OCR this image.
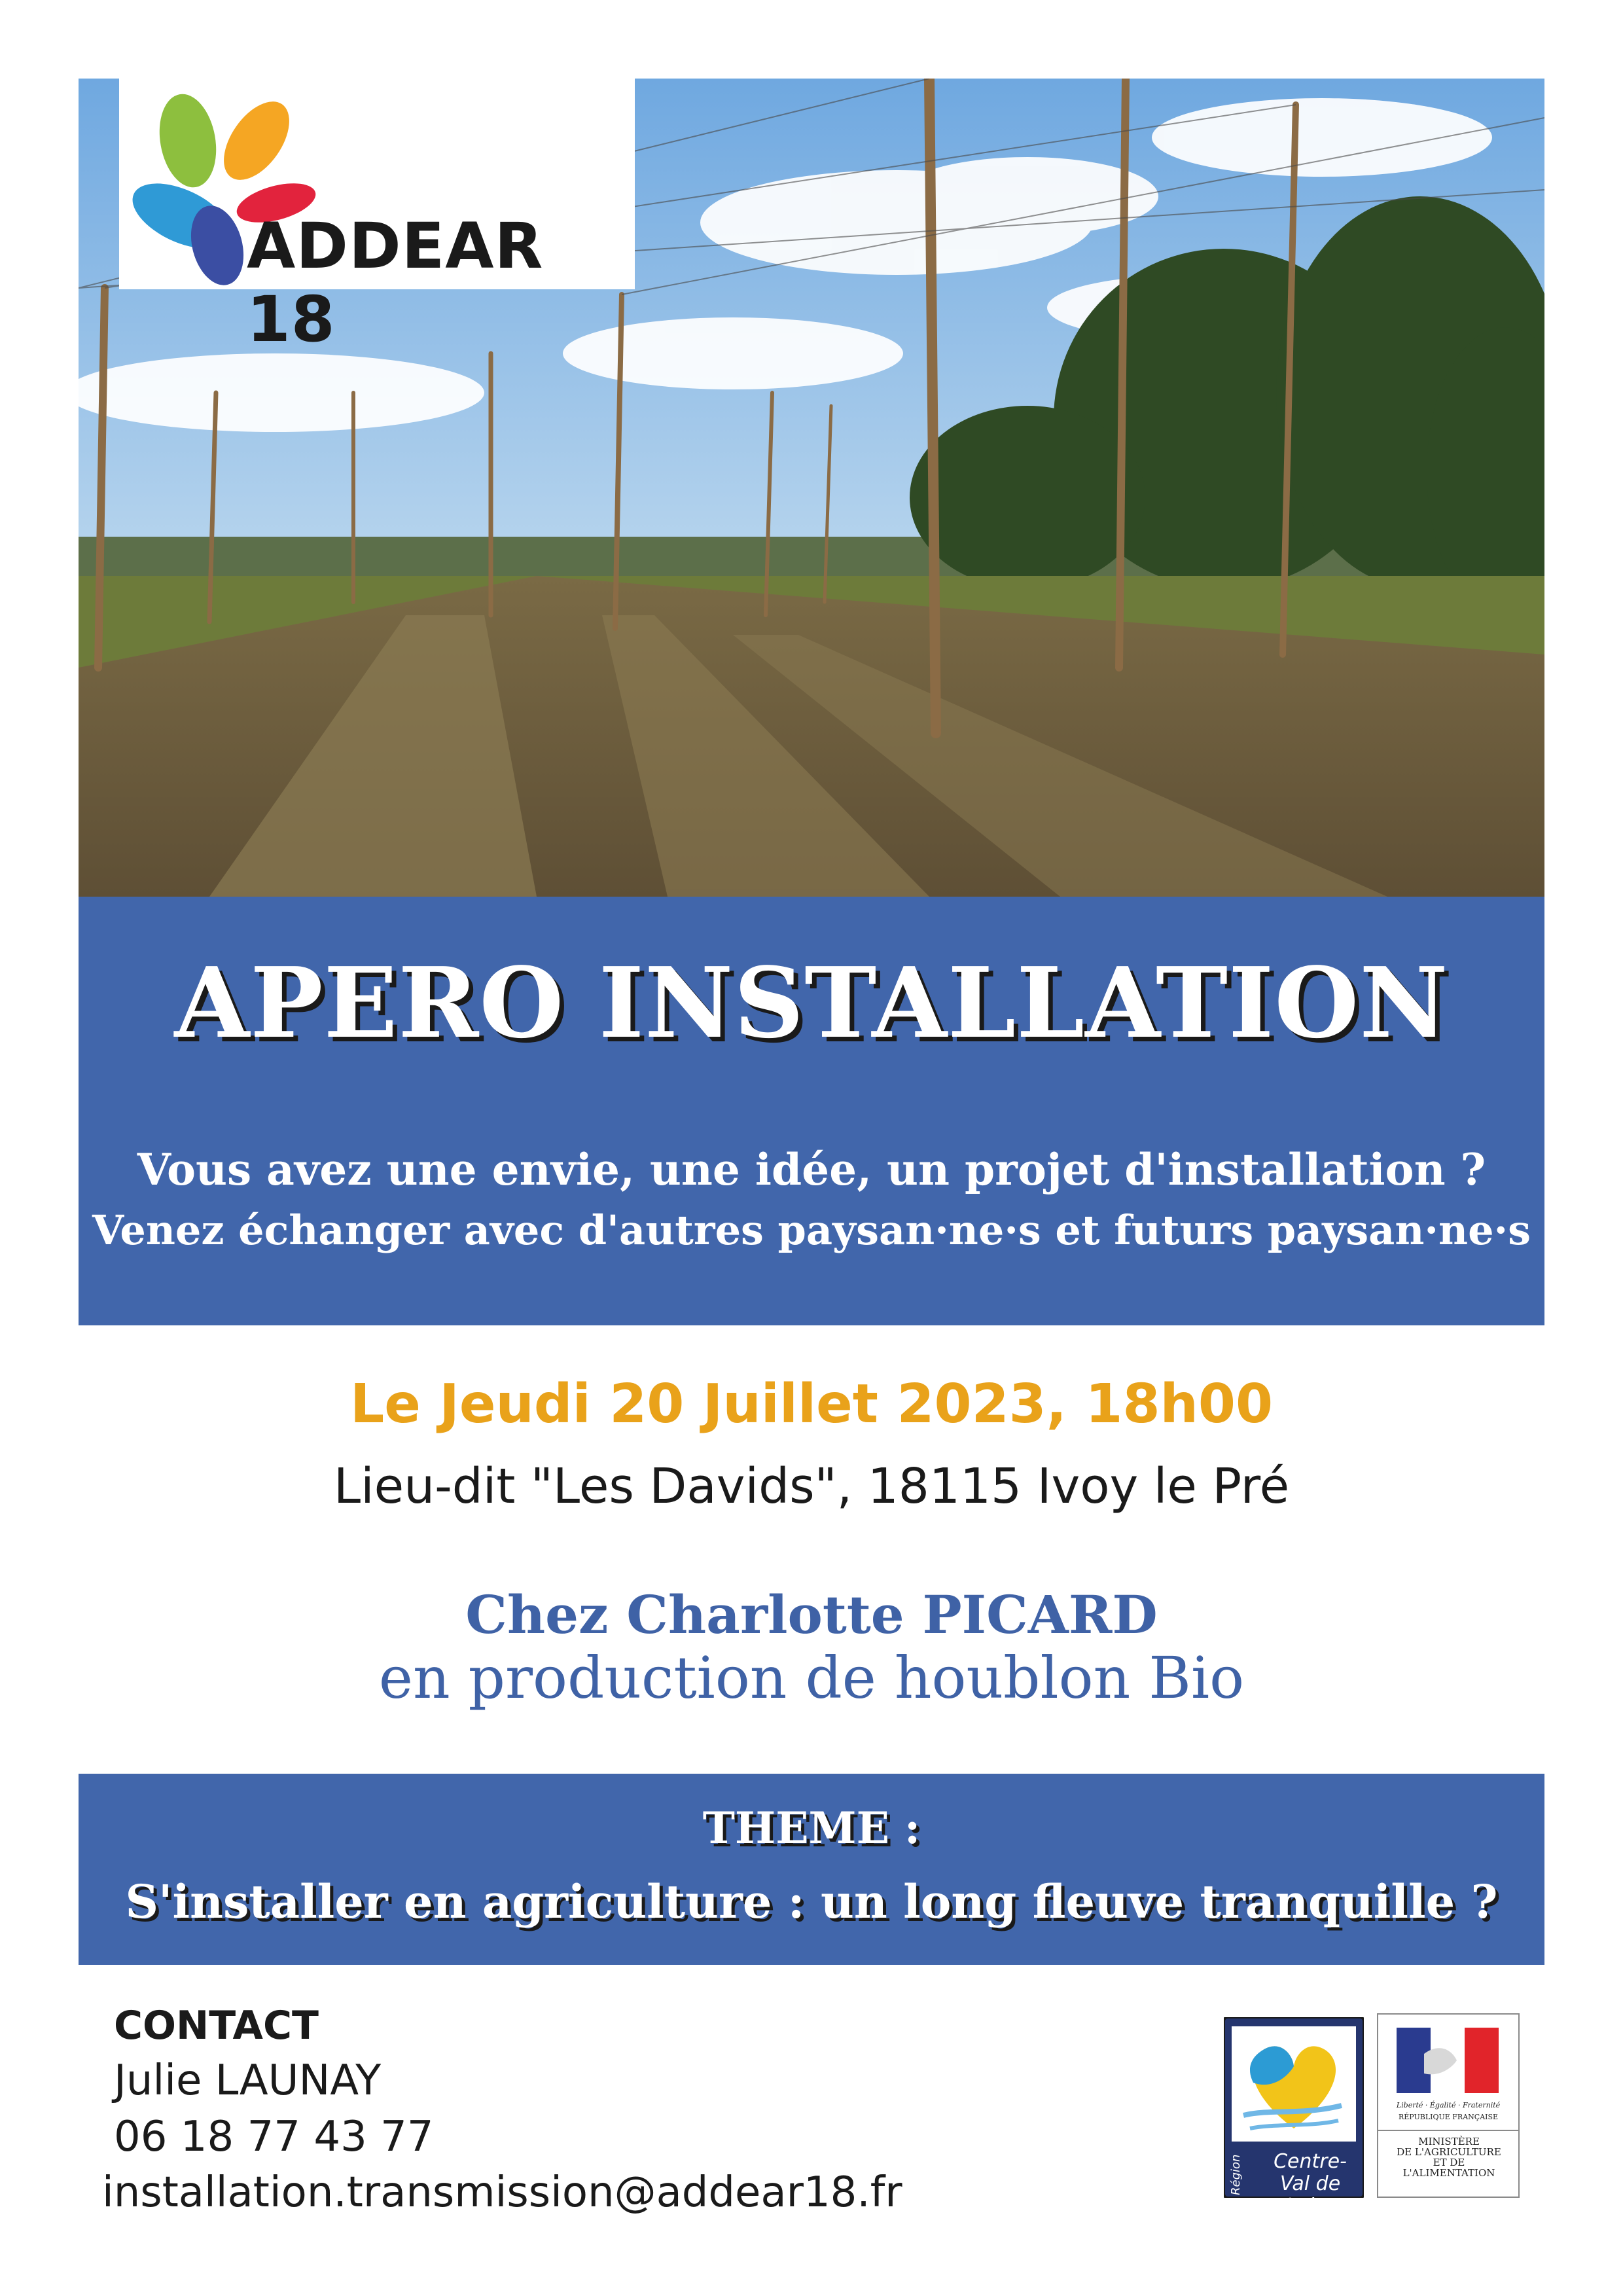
ADDEAR 18
APERO INSTALLATION
Vous avez une envie, une idée, un projet d'installation ?
Venez échanger avec d'autres paysan·ne·s et futurs paysan·ne·s
Le Jeudi 20 Juillet 2023, 18h00
Lieu-dit "Les Davids", 18115 Ivoy le Pré
Chez Charlotte PICARD
en production de houblon Bio
THEME :
S'installer en agriculture : un long fleuve tranquille ?
CONTACT
Julie LAUNAY
06 18 77 43 77
installation.transmission@addear18.fr
Centre-
Val de Loire
Région
Liberté · Égalité · Fraternité
RÉPUBLIQUE FRANÇAISE
MINISTÈRE
DE L'AGRICULTURE
ET DE
L'ALIMENTATION
